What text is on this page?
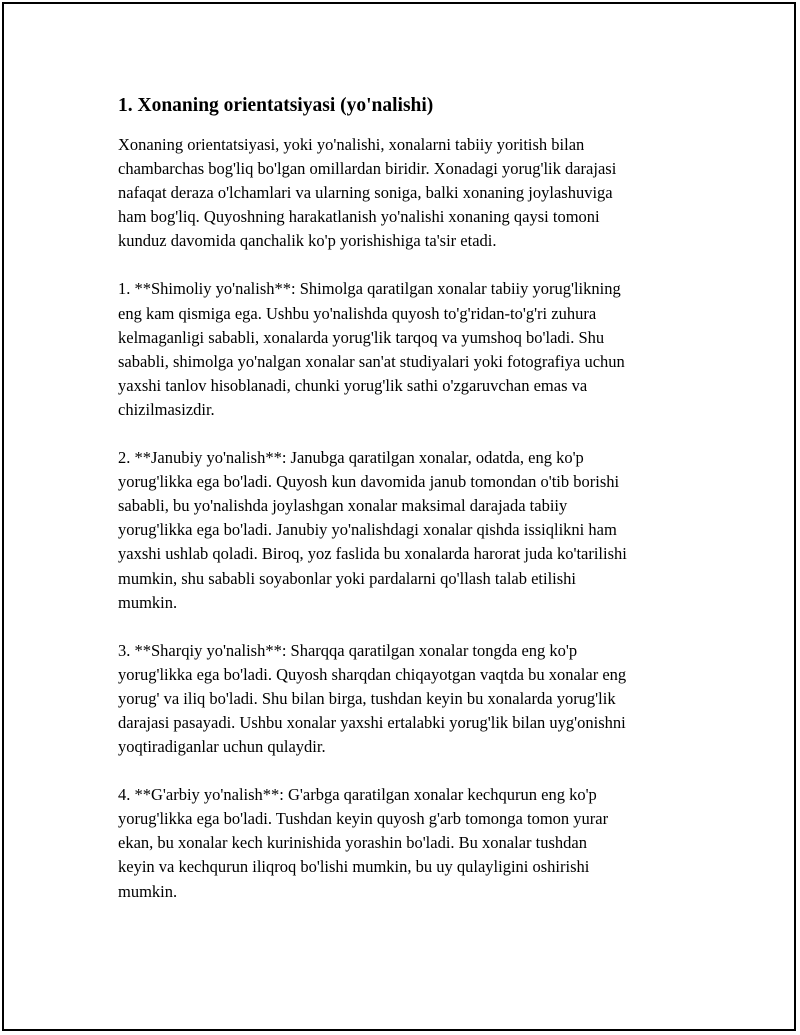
1. Xonaning orientatsiyasi (yo'nalishi)
Xonaning orientatsiyasi, yoki yo'nalishi, xonalarni tabiiy yoritish bilan
chambarchas bog'liq bo'lgan omillardan biridir. Xonadagi yorug'lik darajasi
nafaqat deraza o'lchamlari va ularning soniga, balki xonaning joylashuviga
ham bog'liq. Quyoshning harakatlanish yo'nalishi xonaning qaysi tomoni
kunduz davomida qanchalik ko'p yorishishiga ta'sir etadi.
1. **Shimoliy yo'nalish**: Shimolga qaratilgan xonalar tabiiy yorug'likning
eng kam qismiga ega. Ushbu yo'nalishda quyosh to'g'ridan-to'g'ri zuhura
kelmaganligi sababli, xonalarda yorug'lik tarqoq va yumshoq bo'ladi. Shu
sababli, shimolga yo'nalgan xonalar san'at studiyalari yoki fotografiya uchun
yaxshi tanlov hisoblanadi, chunki yorug'lik sathi o'zgaruvchan emas va
chizilmasizdir.
2. **Janubiy yo'nalish**: Janubga qaratilgan xonalar, odatda, eng ko'p
yorug'likka ega bo'ladi. Quyosh kun davomida janub tomondan o'tib borishi
sababli, bu yo'nalishda joylashgan xonalar maksimal darajada tabiiy
yorug'likka ega bo'ladi. Janubiy yo'nalishdagi xonalar qishda issiqlikni ham
yaxshi ushlab qoladi. Biroq, yoz faslida bu xonalarda harorat juda ko'tarilishi
mumkin, shu sababli soyabonlar yoki pardalarni qo'llash talab etilishi
mumkin.
3. **Sharqiy yo'nalish**: Sharqqa qaratilgan xonalar tongda eng ko'p
yorug'likka ega bo'ladi. Quyosh sharqdan chiqayotgan vaqtda bu xonalar eng
yorug' va iliq bo'ladi. Shu bilan birga, tushdan keyin bu xonalarda yorug'lik
darajasi pasayadi. Ushbu xonalar yaxshi ertalabki yorug'lik bilan uyg'onishni
yoqtiradiganlar uchun qulaydir.
4. **G'arbiy yo'nalish**: G'arbga qaratilgan xonalar kechqurun eng ko'p
yorug'likka ega bo'ladi. Tushdan keyin quyosh g'arb tomonga tomon yurar
ekan, bu xonalar kech kurinishida yorashin bo'ladi. Bu xonalar tushdan
keyin va kechqurun iliqroq bo'lishi mumkin, bu uy qulayligini oshirishi
mumkin.
